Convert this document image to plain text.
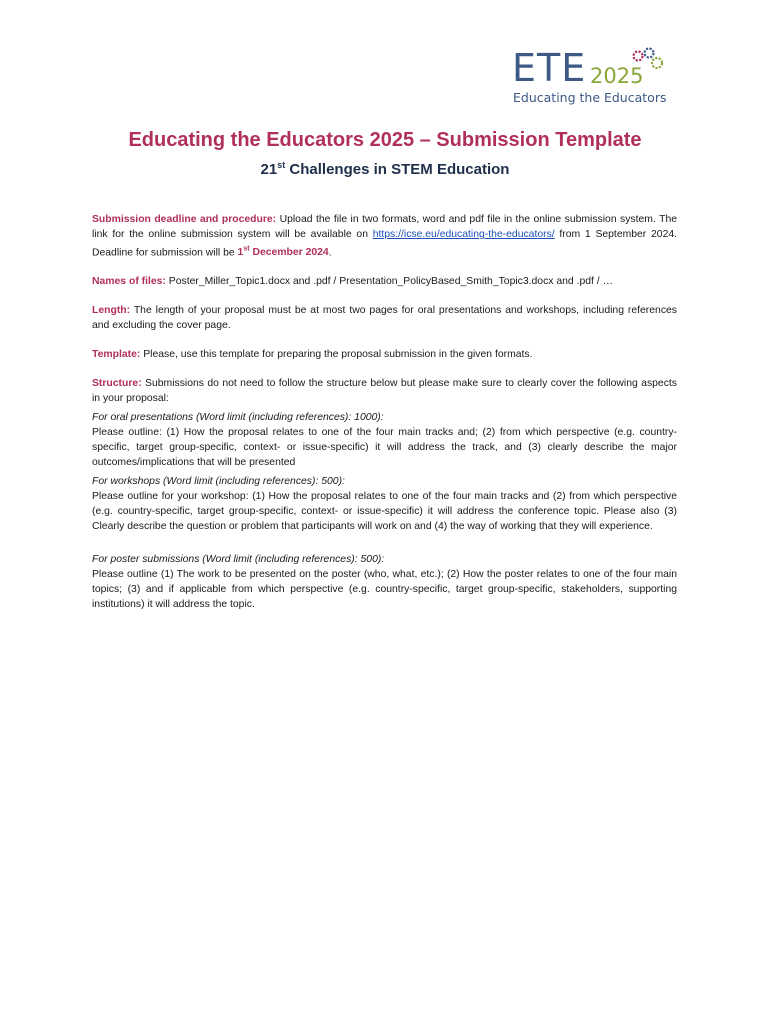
ETE 2025
Educating the Educators
Educating the Educators 2025 – Submission Template
21st Challenges in STEM Education

Submission deadline and procedure: Upload the file in two formats, word and pdf file in the online submission system. The link for the online submission system will be available on https://icse.eu/educating-the-educators/ from 1 September 2024. Deadline for submission will be 1st December 2024.

Names of files: Poster_Miller_Topic1.docx and .pdf / Presentation_PolicyBased_Smith_Topic3.docx and .pdf / …

Length: The length of your proposal must be at most two pages for oral presentations and workshops, including references and excluding the cover page.

Template: Please, use this template for preparing the proposal submission in the given formats.

Structure: Submissions do not need to follow the structure below but please make sure to clearly cover the following aspects in your proposal:

For oral presentations (Word limit (including references): 1000):

Please outline: (1) How the proposal relates to one of the four main tracks and; (2) from which perspective (e.g. country-specific, target group-specific, context- or issue-specific) it will address the track, and (3) clearly describe the major outcomes/implications that will be presented

For workshops (Word limit (including references): 500):

Please outline for your workshop: (1) How the proposal relates to one of the four main tracks and (2) from which perspective (e.g. country-specific, target group-specific, context- or issue-specific) it will address the conference topic. Please also (3) Clearly describe the question or problem that participants will work on and (4) the way of working that they will experience.

For poster submissions (Word limit (including references): 500):

Please outline (1) The work to be presented on the poster (who, what, etc.); (2) How the poster relates to one of the four main topics; (3) and if applicable from which perspective (e.g. country-specific, target group-specific, stakeholders, supporting institutions) it will address the topic.
